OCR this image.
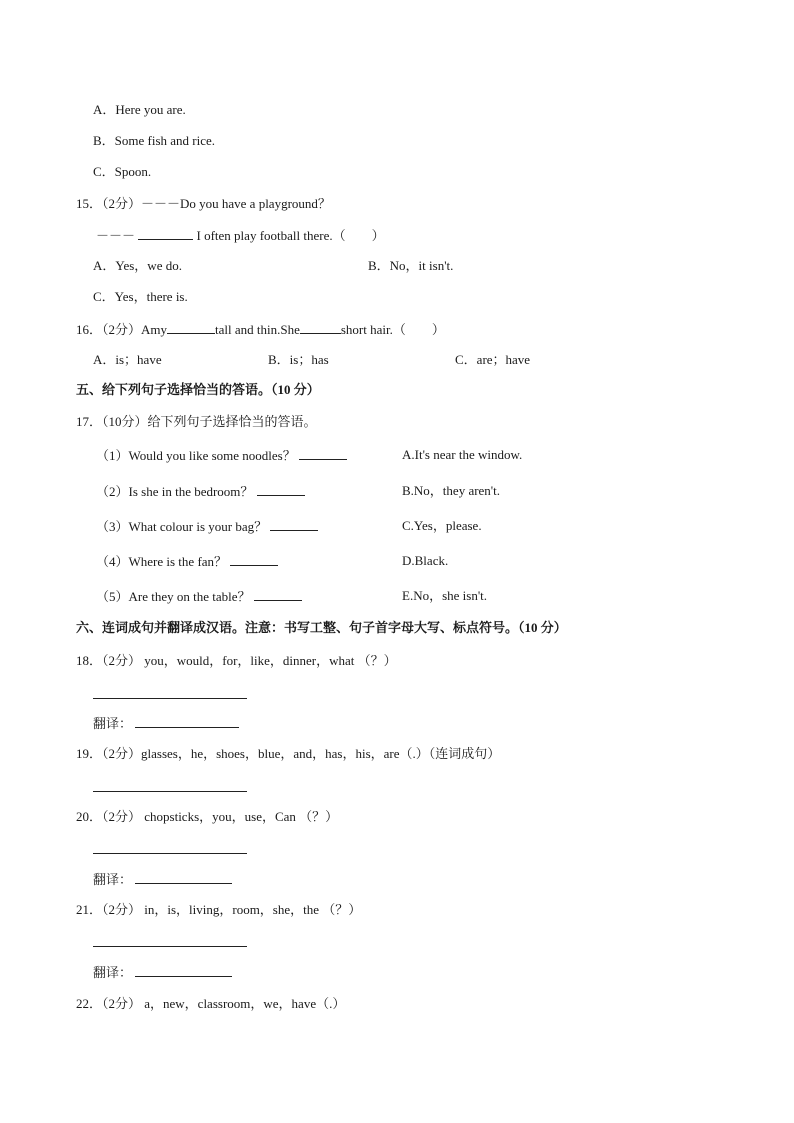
A．Here you are.
B．Some fish and rice.
C．Spoon.
15．（2分）－－－Do you have a playground？
－－－	I often play football there.（　　）
A．Yes，we do.	B．No，it isn't.
C．Yes，there is.
16．（2分）Amy	tall and thin.She	short hair.（　　）
A．is；have	B．is；has	C．are；have
五、给下列句子选择恰当的答语。（10 分）
17．（10分）给下列句子选择恰当的答语。
（1）Would you like some noodles？	A.It's near the window.
（2）Is she in the bedroom？	B.No，they aren't.
（3）What colour is your bag？	C.Yes，please.
（4）Where is the fan？	D.Black.
（5）Are they on the table？	E.No，she isn't.
六、连词成句并翻译成汉语。注意：书写工整、句子首字母大写、标点符号。（10 分）
18．（2分） you，would，for，like，dinner，what （？）
翻译：
19．（2分）glasses，he，shoes，blue，and，has，his，are（.）（连词成句）
20．（2分） chopsticks，you，use，Can （？）
翻译：
21．（2分） in，is，living，room，she，the （？）
翻译：
22．（2分） a，new，classroom，we，have（.）
